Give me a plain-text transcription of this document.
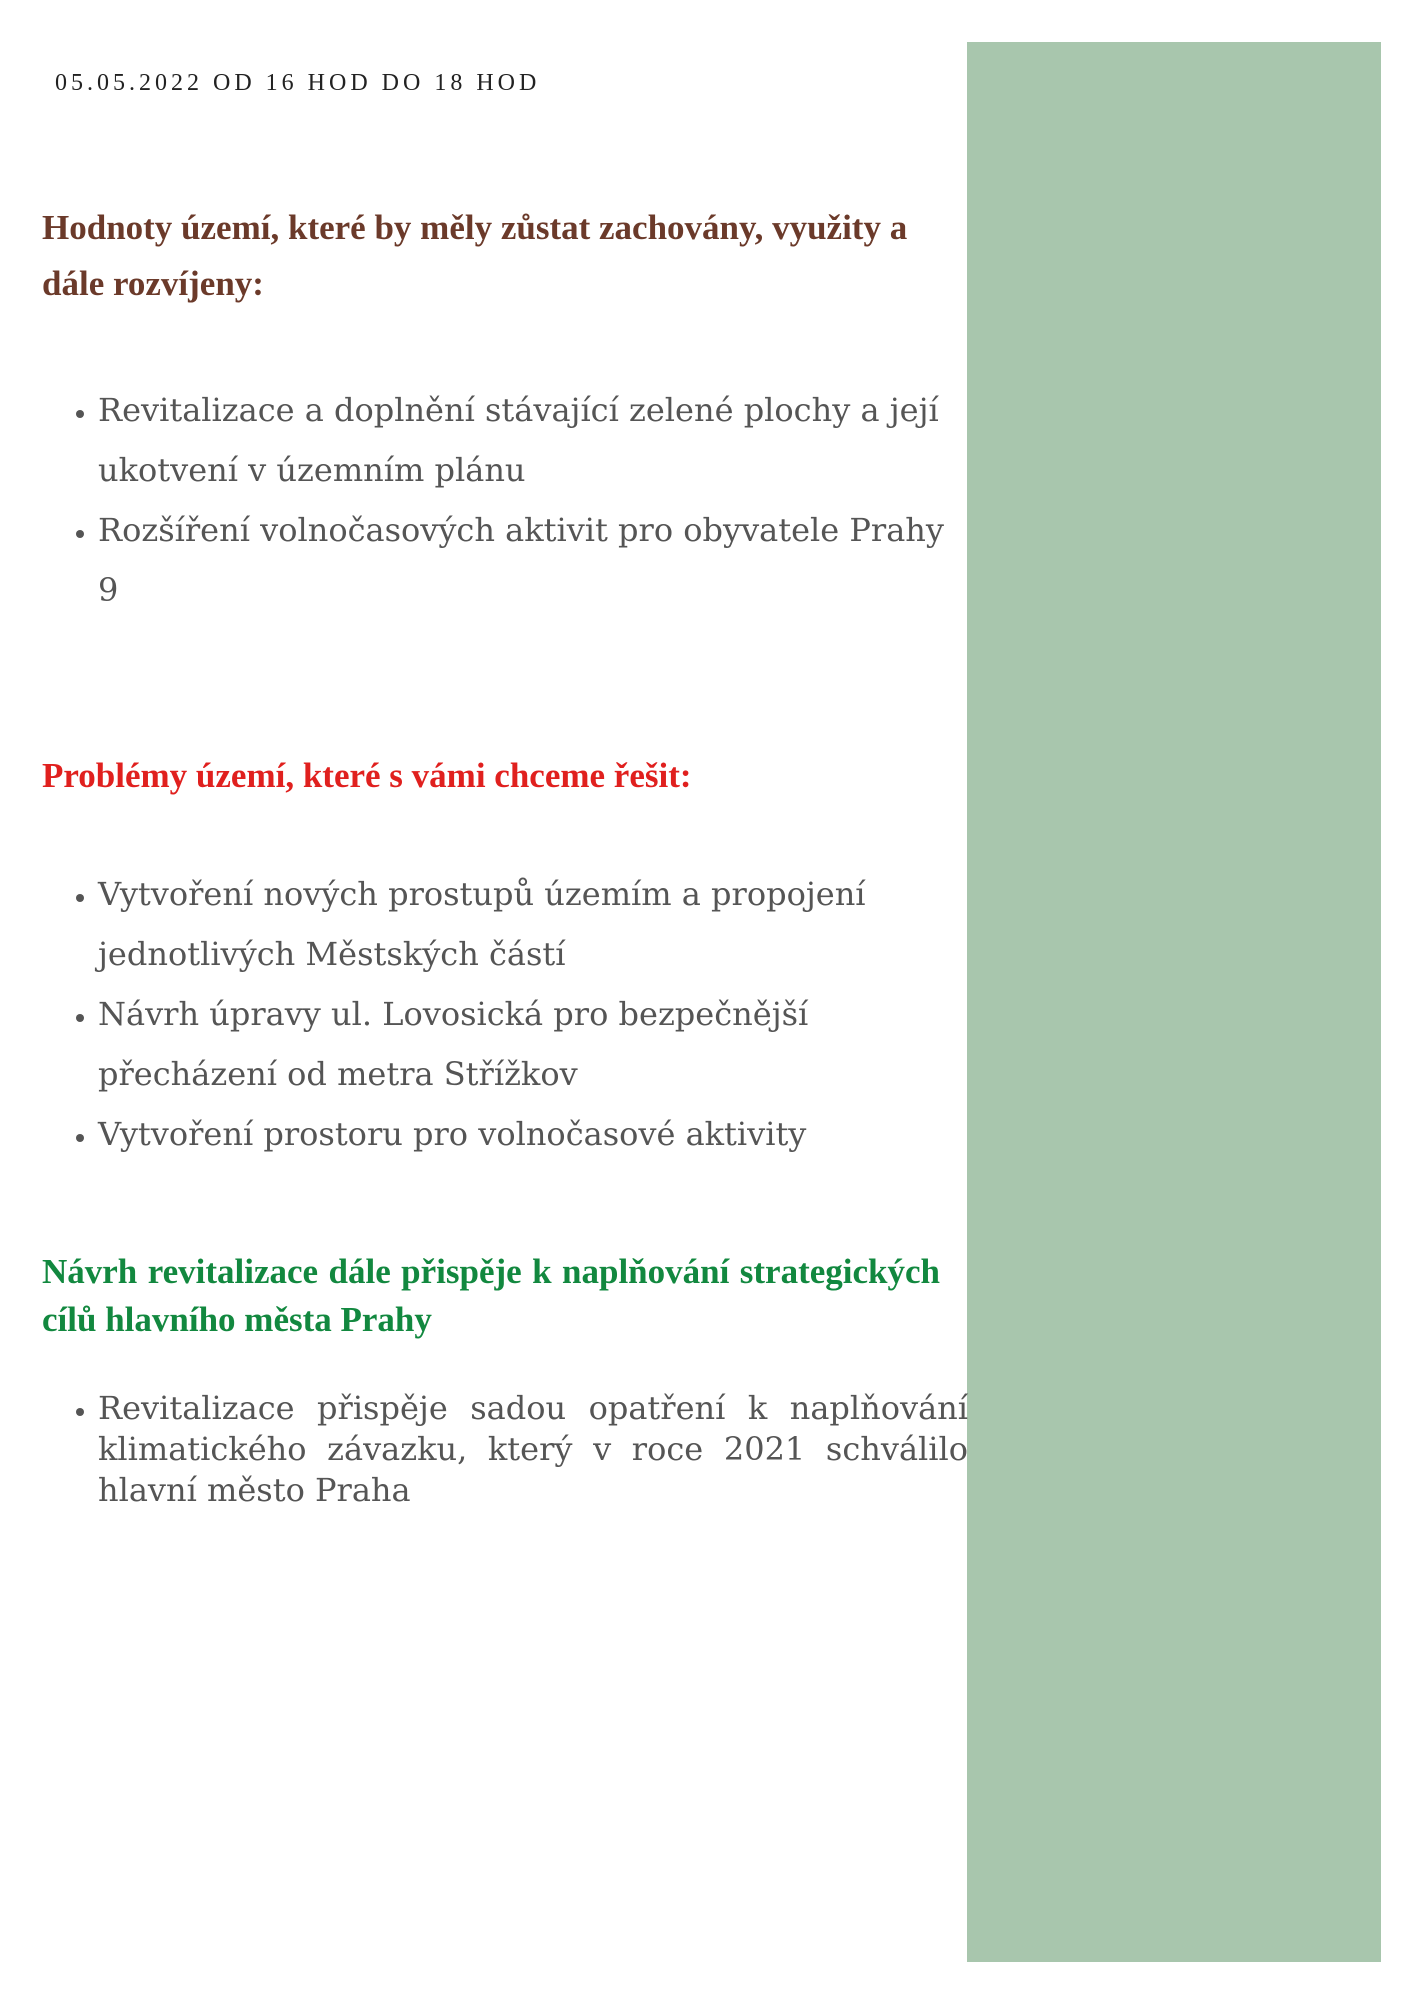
05.05.2022 OD 16 HOD DO 18 HOD
Hodnoty území, které by měly zůstat zachovány, využity a dále rozvíjeny:
• Revitalizace a doplnění stávající zelené plochy a její ukotvení v územním plánu
• Rozšíření volnočasových aktivit pro obyvatele Prahy 9
Problémy území, které s vámi chceme řešit:
• Vytvoření nových prostupů územím a propojení jednotlivých Městských částí
• Návrh úpravy ul. Lovosická pro bezpečnější přecházení od metra Střížkov
• Vytvoření prostoru pro volnočasové aktivity
Návrh revitalizace dále přispěje k naplňování strategických cílů hlavního města Prahy
• Revitalizace přispěje sadou opatření k naplňování klimatického závazku, který v roce 2021 schválilo hlavní město Praha
